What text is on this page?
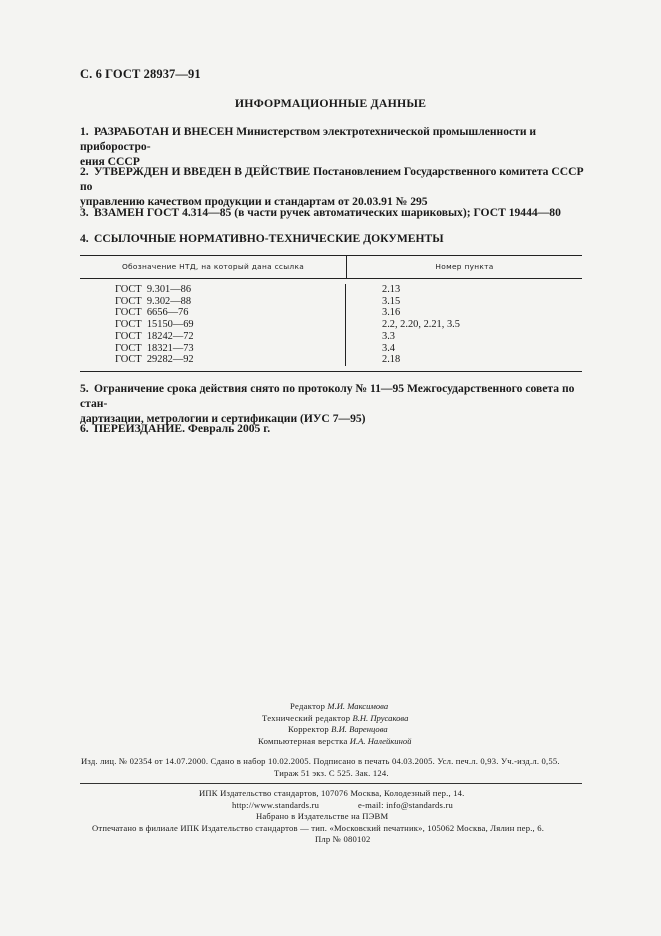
С. 6 ГОСТ 28937—91
ИНФОРМАЦИОННЫЕ ДАННЫЕ
1. РАЗРАБОТАН И ВНЕСЕН Министерством электротехнической промышленности и приборостро-
ения СССР
2. УТВЕРЖДЕН И ВВЕДЕН В ДЕЙСТВИЕ Постановлением Государственного комитета СССР по
управлению качеством продукции и стандартам от 20.03.91 № 295
3. ВЗАМЕН ГОСТ 4.314—85 (в части ручек автоматических шариковых); ГОСТ 19444—80
4. ССЫЛОЧНЫЕ НОРМАТИВНО-ТЕХНИЧЕСКИЕ ДОКУМЕНТЫ
Обозначение НТД, на который дана ссылка	Номер пункта
ГОСТ  9.301—86
ГОСТ  9.302—88
ГОСТ  6656—76
ГОСТ  15150—69
ГОСТ  18242—72
ГОСТ  18321—73
ГОСТ  29282—92
2.13
3.15
3.16
2.2, 2.20, 2.21, 3.5
3.3
3.4
2.18
5. Ограничение срока действия снято по протоколу № 11—95 Межгосударственного совета по стан-
дартизации, метрологии и сертификации (ИУС 7—95)
6. ПЕРЕИЗДАНИЕ. Февраль 2005 г.
Редактор М.И. Максимова
Технический редактор В.Н. Прусакова
Корректор В.И. Варенцова
Компьютерная верстка И.А. Налейкиной
Изд. лиц. № 02354 от 14.07.2000. Сдано в набор 10.02.2005. Подписано в печать 04.03.2005. Усл. печ.л. 0,93. Уч.-изд.л. 0,55.
Тираж 51 экз. С 525. Зак. 124.
ИПК Издательство стандартов, 107076 Москва, Колодезный пер., 14.
http://www.standards.ru	e-mail: info@standards.ru
Набрано в Издательстве на ПЭВМ
Отпечатано в филиале ИПК Издательство стандартов — тип. «Московский печатник», 105062 Москва, Лялин пер., 6.
Плр № 080102
